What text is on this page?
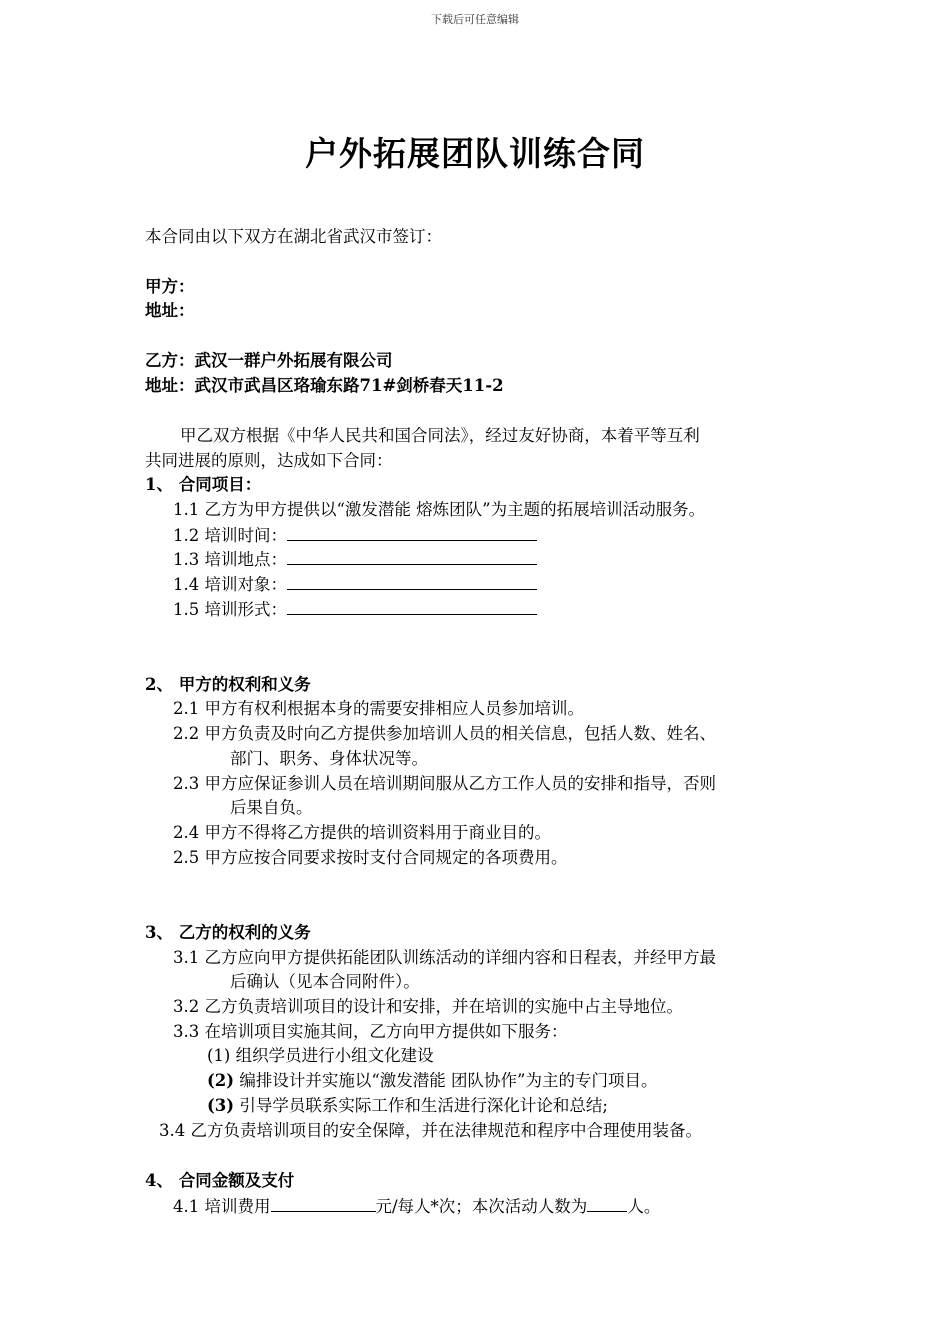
下载后可任意编辑
户外拓展团队训练合同
本合同由以下双方在湖北省武汉市签订：
甲方：
地址：
乙方：武汉一群户外拓展有限公司
地址：武汉市武昌区珞瑜东路71#剑桥春天11-2
甲乙双方根据《中华人民共和国合同法》，经过友好协商，本着平等互利
共同进展的原则，达成如下合同：
1、 合同项目：
1.1 乙方为甲方提供以“激发潜能 熔炼团队”为主题的拓展培训活动服务。
1.2 培训时间：
1.3 培训地点：
1.4 培训对象：
1.5 培训形式：
2、 甲方的权利和义务
2.1 甲方有权利根据本身的需要安排相应人员参加培训。
2.2 甲方负责及时向乙方提供参加培训人员的相关信息，包括人数、姓名、
部门、职务、身体状况等。
2.3 甲方应保证参训人员在培训期间服从乙方工作人员的安排和指导，否则
后果自负。
2.4 甲方不得将乙方提供的培训资料用于商业目的。
2.5 甲方应按合同要求按时支付合同规定的各项费用。
3、 乙方的权利的义务
3.1 乙方应向甲方提供拓能团队训练活动的详细内容和日程表，并经甲方最
后确认（见本合同附件）。
3.2 乙方负责培训项目的设计和安排，并在培训的实施中占主导地位。
3.3 在培训项目实施其间，乙方向甲方提供如下服务：
(1) 组织学员进行小组文化建设
(2) 编排设计并实施以“激发潜能 团队协作”为主的专门项目。
(3) 引导学员联系实际工作和生活进行深化计论和总结;
3.4 乙方负责培训项目的安全保障，并在法律规范和程序中合理使用装备。
4、 合同金额及支付
4.1 培训费用	元/每人*次；本次活动人数为 人。
